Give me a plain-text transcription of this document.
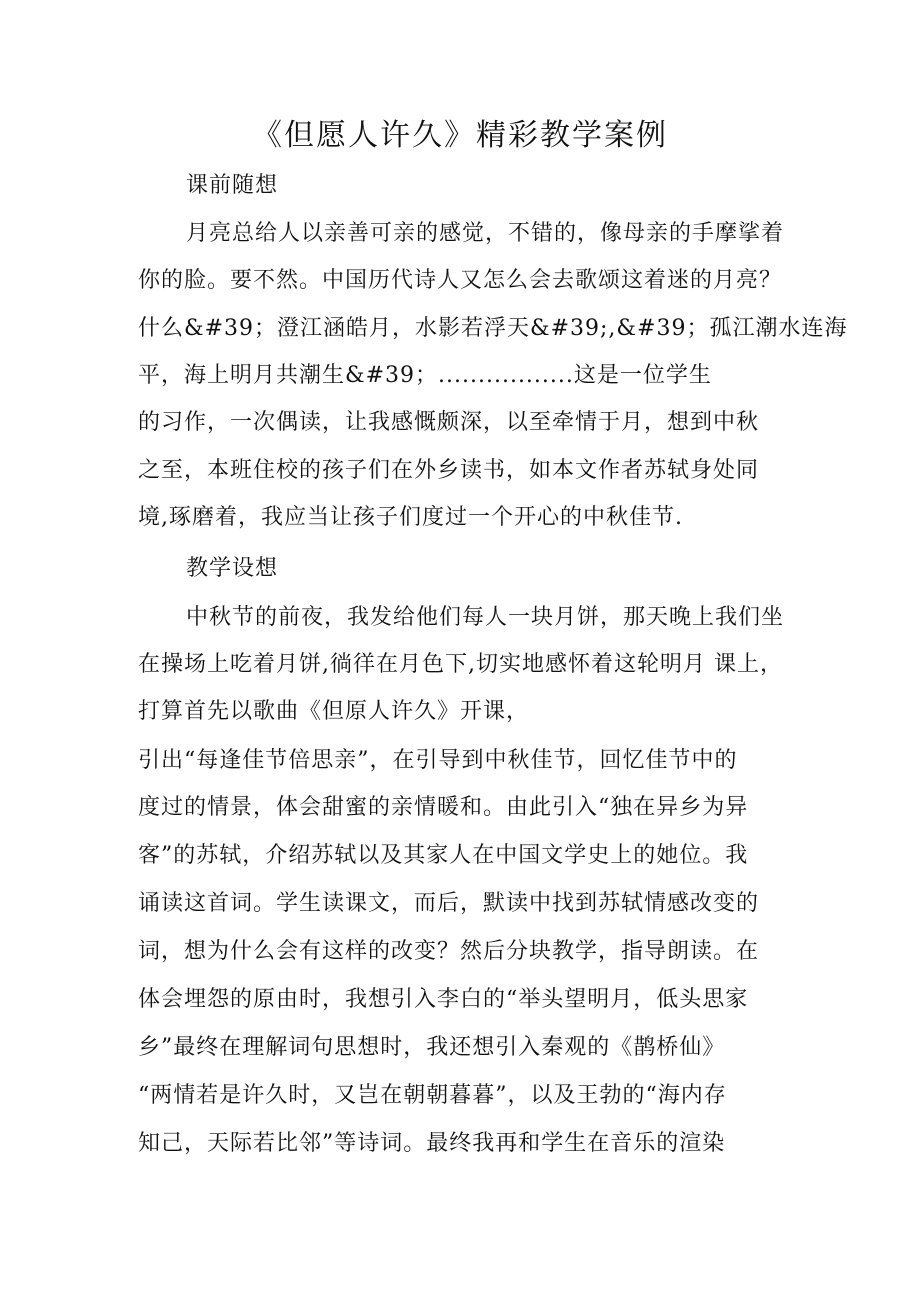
《但愿人许久》精彩教学案例
课前随想
月亮总给人以亲善可亲的感觉，不错的，像母亲的手摩挲着
你的脸。要不然。中国历代诗人又怎么会去歌颂这着迷的月亮？
什么&#39；澄江涵皓月，水影若浮天&#39;,&#39；孤江潮水连海
平，海上明月共潮生&#39；.................这是一位学生
的习作，一次偶读，让我感慨颇深，以至牵情于月，想到中秋
之至，本班住校的孩子们在外乡读书，如本文作者苏轼身处同
境,琢磨着，我应当让孩子们度过一个开心的中秋佳节.
教学设想
中秋节的前夜，我发给他们每人一块月饼，那天晚上我们坐
在操场上吃着月饼,徜徉在月色下,切实地感怀着这轮明月 课上，
打算首先以歌曲《但原人许久》开课，
引出“每逢佳节倍思亲”，在引导到中秋佳节，回忆佳节中的
度过的情景，体会甜蜜的亲情暖和。由此引入“独在异乡为异
客”的苏轼，介绍苏轼以及其家人在中国文学史上的她位。我
诵读这首词。学生读课文，而后，默读中找到苏轼情感改变的
词，想为什么会有这样的改变？然后分块教学，指导朗读。在
体会埋怨的原由时，我想引入李白的“举头望明月，低头思家
乡”最终在理解词句思想时，我还想引入秦观的《鹊桥仙》
“两情若是许久时，又岂在朝朝暮暮”，以及王勃的“海内存
知己，天际若比邻”等诗词。最终我再和学生在音乐的渲染
